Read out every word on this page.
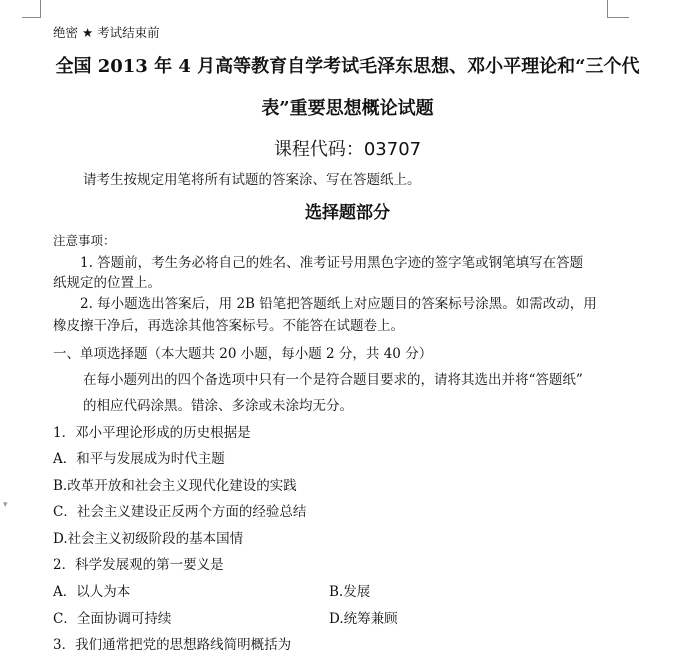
▾
绝密 ★ 考试结束前
全国 2013 年 4 月高等教育自学考试毛泽东思想、邓小平理论和“三个代
表”重要思想概论试题
课程代码：03707
请考生按规定用笔将所有试题的答案涂、写在答题纸上。
选择题部分
注意事项：
1. 答题前，考生务必将自己的姓名、准考证号用黑色字迹的签字笔或钢笔填写在答题
纸规定的位置上。
2. 每小题选出答案后，用 2B 铅笔把答题纸上对应题目的答案标号涂黑。如需改动，用
橡皮擦干净后，再选涂其他答案标号。不能答在试题卷上。
一、单项选择题（本大题共 20 小题，每小题 2 分，共 40 分）
在每小题列出的四个备选项中只有一个是符合题目要求的，请将其选出并将“答题纸”
的相应代码涂黑。错涂、多涂或未涂均无分。
1．邓小平理论形成的历史根据是
A．和平与发展成为时代主题
B.改革开放和社会主义现代化建设的实践
C．社会主义建设正反两个方面的经验总结
D.社会主义初级阶段的基本国情
2．科学发展观的第一要义是
A．以人为本	B.发展
C．全面协调可持续	D.统筹兼顾
3．我们通常把党的思想路线简明概括为
